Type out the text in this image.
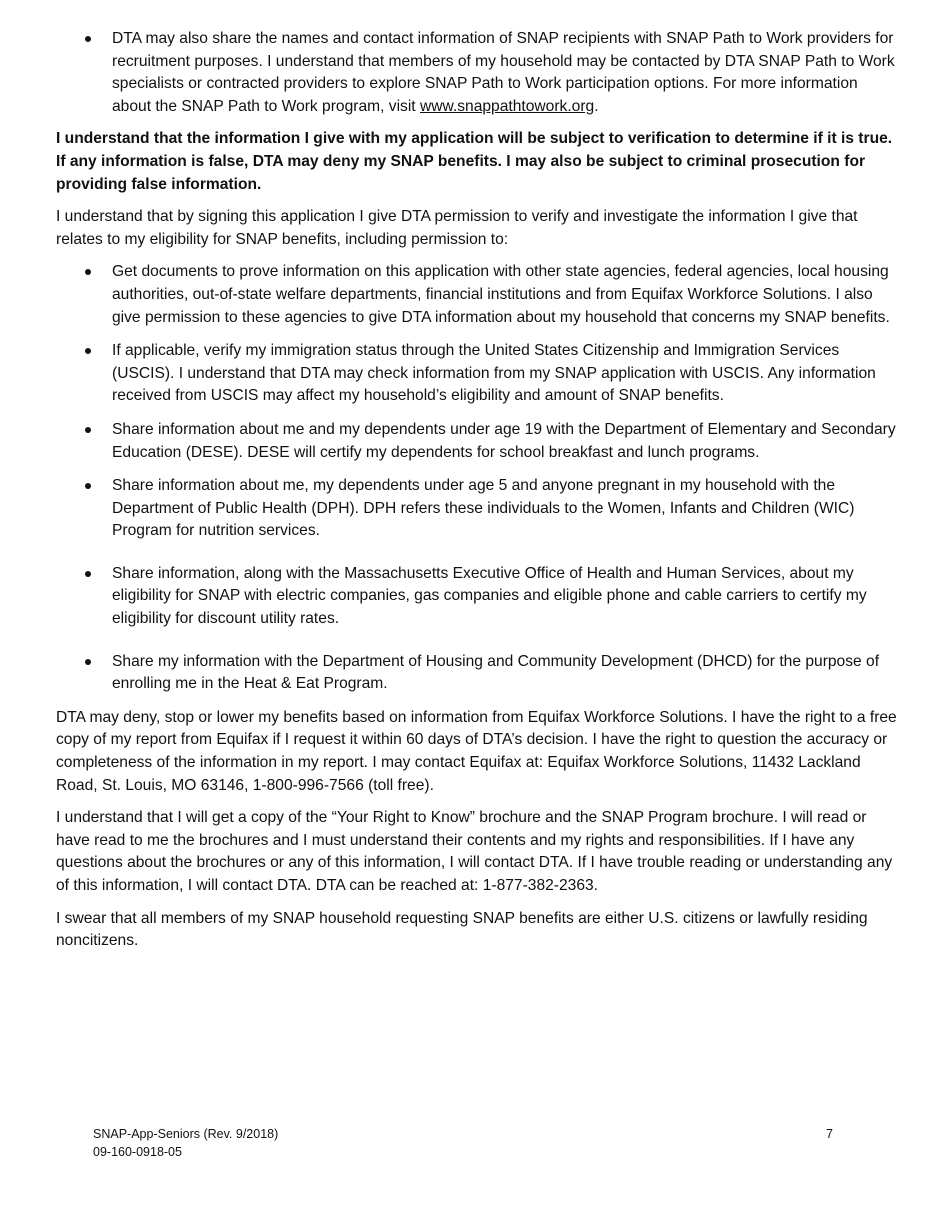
DTA may also share the names and contact information of SNAP recipients with SNAP Path to Work providers for recruitment purposes. I understand that members of my household may be contacted by DTA SNAP Path to Work specialists or contracted providers to explore SNAP Path to Work participation options. For more information about the SNAP Path to Work program, visit www.snappathtowork.org.

I understand that the information I give with my application will be subject to verification to determine if it is true. If any information is false, DTA may deny my SNAP benefits. I may also be subject to criminal prosecution for providing false information.

I understand that by signing this application I give DTA permission to verify and investigate the information I give that relates to my eligibility for SNAP benefits, including permission to:

Get documents to prove information on this application with other state agencies, federal agencies, local housing authorities, out-of-state welfare departments, financial institutions and from Equifax Workforce Solutions. I also give permission to these agencies to give DTA information about my household that concerns my SNAP benefits.
If applicable, verify my immigration status through the United States Citizenship and Immigration Services (USCIS). I understand that DTA may check information from my SNAP application with USCIS. Any information received from USCIS may affect my household’s eligibility and amount of SNAP benefits.
Share information about me and my dependents under age 19 with the Department of Elementary and Secondary Education (DESE). DESE will certify my dependents for school breakfast and lunch programs.
Share information about me, my dependents under age 5 and anyone pregnant in my household with the Department of Public Health (DPH). DPH refers these individuals to the Women, Infants and Children (WIC) Program for nutrition services.
Share information, along with the Massachusetts Executive Office of Health and Human Services, about my eligibility for SNAP with electric companies, gas companies and eligible phone and cable carriers to certify my eligibility for discount utility rates.
Share my information with the Department of Housing and Community Development (DHCD) for the purpose of enrolling me in the Heat & Eat Program.

DTA may deny, stop or lower my benefits based on information from Equifax Workforce Solutions. I have the right to a free copy of my report from Equifax if I request it within 60 days of DTA’s decision. I have the right to question the accuracy or completeness of the information in my report. I may contact Equifax at: Equifax Workforce Solutions, 11432 Lackland Road, St. Louis, MO 63146, 1-800-996-7566 (toll free).

I understand that I will get a copy of the “Your Right to Know” brochure and the SNAP Program brochure. I will read or have read to me the brochures and I must understand their contents and my rights and responsibilities. If I have any questions about the brochures or any of this information, I will contact DTA. If I have trouble reading or understanding any of this information, I will contact DTA. DTA can be reached at: 1-877-382-2363.

I swear that all members of my SNAP household requesting SNAP benefits are either U.S. citizens or lawfully residing noncitizens.

SNAP-App-Seniors (Rev. 9/2018)
09-160-0918-05
7
